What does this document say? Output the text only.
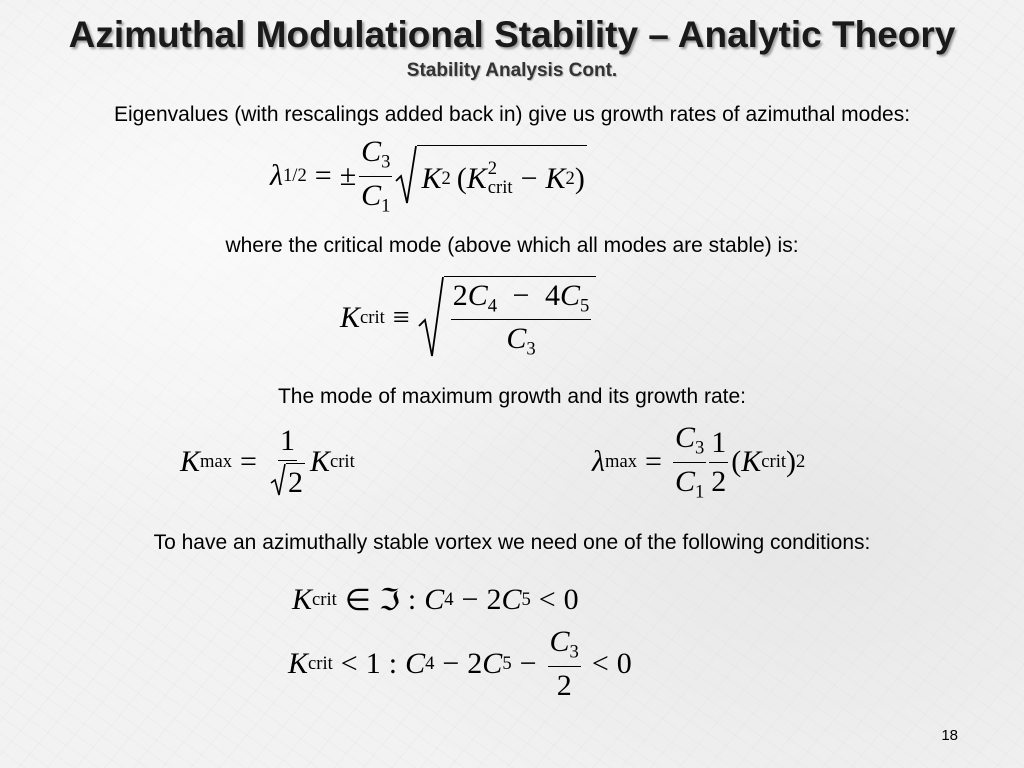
Azimuthal Modulational Stability – Analytic Theory
Stability Analysis Cont.
Eigenvalues (with rescalings added back in) give us growth rates of azimuthal modes:
λ 1/2 = ± $\frac{C_3}{C_1}$ K 2 ( K 2
crit − K 2 )
where the critical mode (above which all modes are stable) is:
K crit ≡ $\frac{2C_4 - 4C_5}{C_3}$
The mode of maximum growth and its growth rate:
K $\max = \frac{1}{2}$ K crit	λ $\max = \frac{C_3}{C_1} \frac{1}{2}$ ( K crit ) 2
To have an azimuthally stable vortex we need one of the following conditions:
K crit ∈ ℑ : C 4 − 2 C 5 < 0
K crit < 1 : C 4 − 2 C $5 - \frac{C_3}{2} < 0$
18
